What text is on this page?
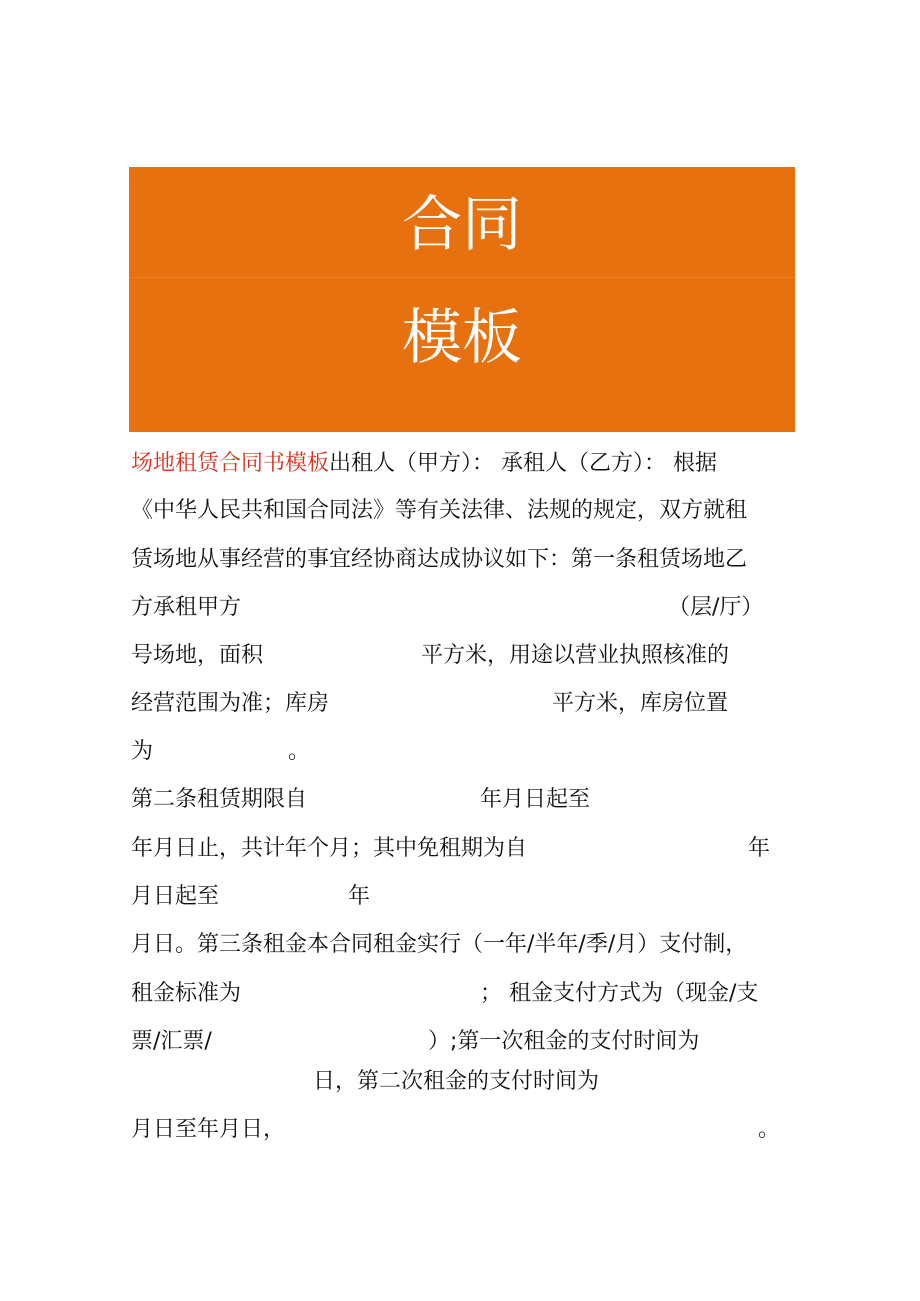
合同
模板
场地租赁合同书模板出租人（甲方）： 承租人（乙方）： 根据
《中华人民共和国合同法》等有关法律、法规的规定，双方就租
赁场地从事经营的事宜经协商达成协议如下：第一条租赁场地乙
方承租甲方	（层/厅）
号场地，面积	平方米，用途以营业执照核准的
经营范围为准；库房	平方米，库房位置
为	。
第二条租赁期限自	年月日起至
年月日止，共计年个月；其中免租期为自	年
月日起至	年
月日。第三条租金本合同租金实行（一年/半年/季/月）支付制，
租金标准为	； 租金支付方式为（现金/支
票/汇票/	）;第一次租金的支付时间为
日，第二次租金的支付时间为
月日至年月日，	。
